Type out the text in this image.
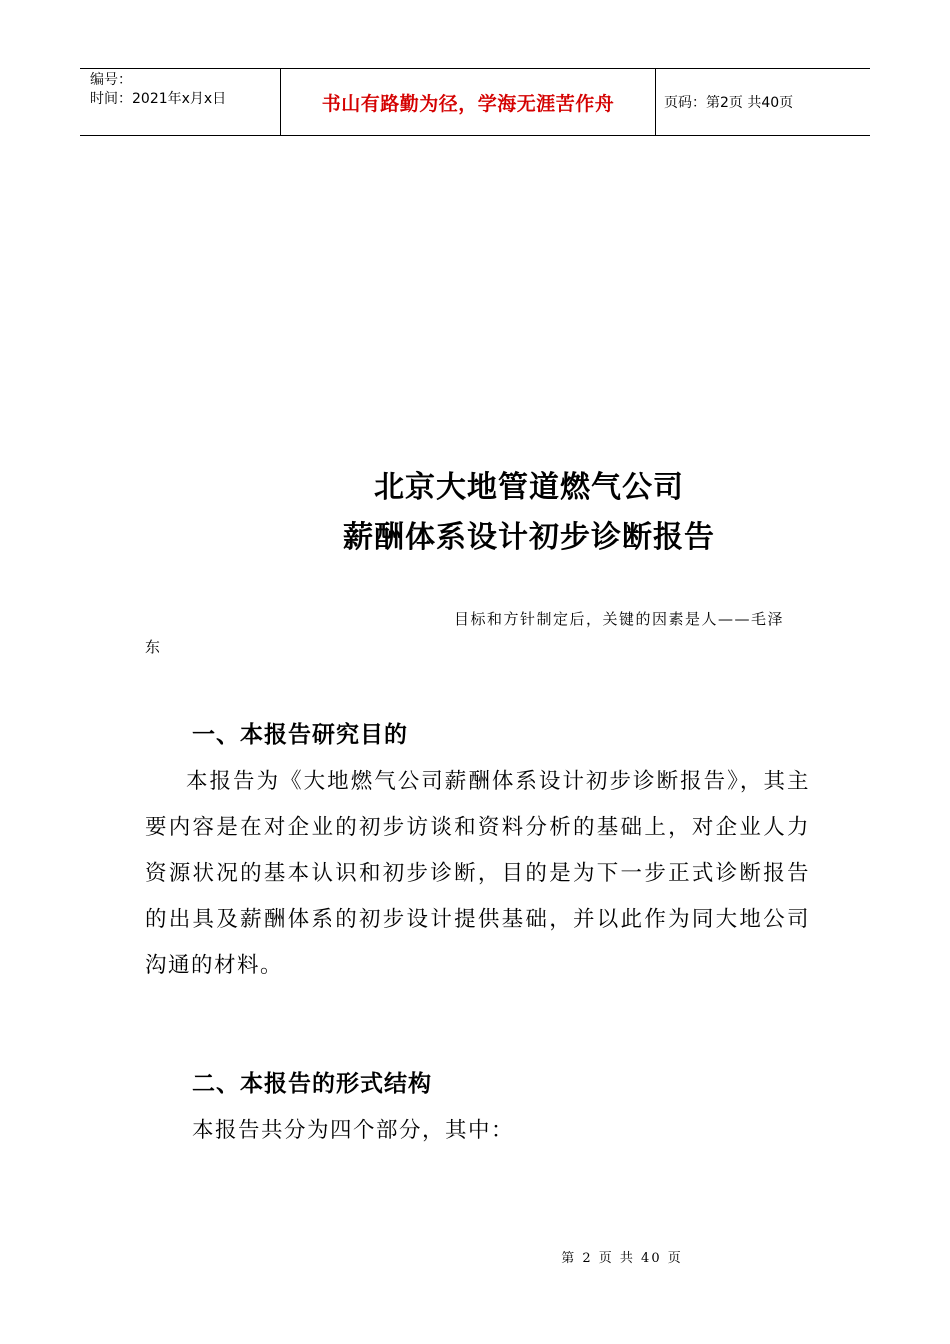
编号：
时间：2021年x月x日	书山有路勤为径，学海无涯苦作舟	页码：第2页 共40页
北京大地管道燃气公司
薪酬体系设计初步诊断报告
目标和方针制定后，关键的因素是人——毛泽
东
一、本报告研究目的

本报告为《大地燃气公司薪酬体系设计初步诊断报告》，其主要内容是在对企业的初步访谈和资料分析的基础上，对企业人力资源状况的基本认识和初步诊断，目的是为下一步正式诊断报告的出具及薪酬体系的初步设计提供基础，并以此作为同大地公司沟通的材料。

二、本报告的形式结构

本报告共分为四个部分，其中：

第 2 页 共 40 页
